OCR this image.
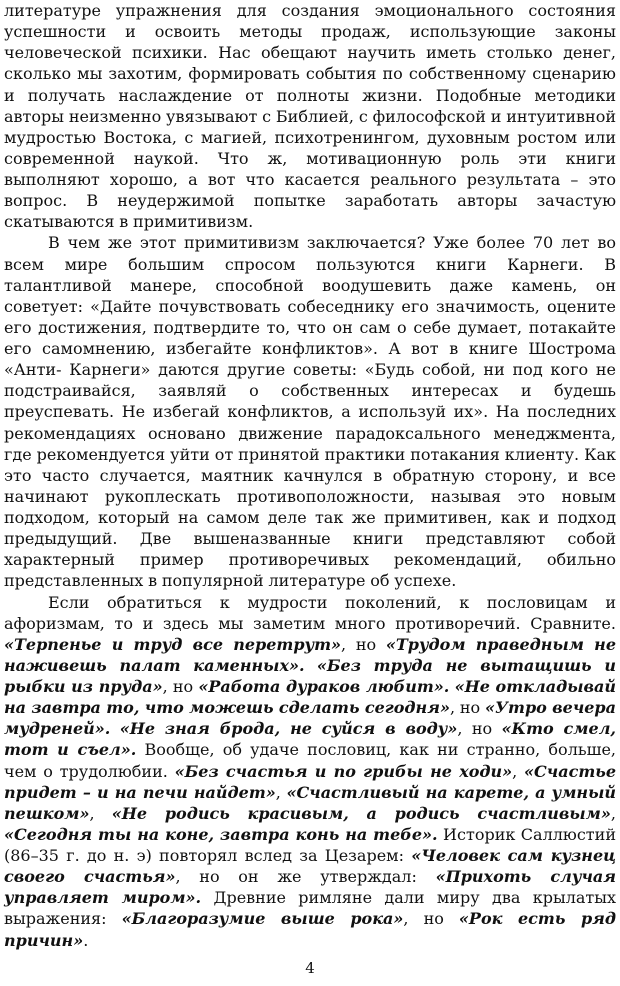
литературе упражнения для создания эмоционального состояния успешности и освоить методы продаж, использующие законы человеческой психики. Нас обещают научить иметь столько денег, сколько мы захотим, формировать события по собственному сценарию и получать наслаждение от полноты жизни. Подобные методики авторы неизменно увязывают с Библией, с философской и интуитивной мудростью Востока, с магией, психотренингом, духовным ростом или современной наукой. Что ж, мотивационную роль эти книги выполняют хорошо, а вот что касается реального результата – это вопрос. В неудержимой попытке заработать авторы зачастую скатываются в примитивизм.

В чем же этот примитивизм заключается? Уже более 70 лет во всем мире большим спросом пользуются книги Карнеги. В талантливой манере, способной воодушевить даже камень, он советует: «Дайте почувствовать собеседнику его значимость, оцените его достижения, подтвердите то, что он сам о себе думает, потакайте его самомнению, избегайте конфликтов». А вот в книге Шострома «Анти- Карнеги» даются другие советы: «Будь собой, ни под кого не подстраивайся, заявляй о собственных интересах и будешь преуспевать. Не избегай конфликтов, а используй их». На последних рекомендациях основано движение парадоксального менеджмента, где рекомендуется уйти от принятой практики потакания клиенту. Как это часто случается, маятник качнулся в обратную сторону, и все начинают рукоплескать противоположности, называя это новым подходом, который на самом деле так же примитивен, как и подход предыдущий. Две вышеназванные книги представляют собой характерный пример противоречивых рекомендаций, обильно представленных в популярной литературе об успехе.

Если обратиться к мудрости поколений, к пословицам и афоризмам, то и здесь мы заметим много противоречий. Сравните. «Терпенье и труд все перетрут», но «Трудом праведным не наживешь палат каменных». «Без труда не вытащишь и рыбки из пруда», но «Работа дураков любит». «Не откладывай на завтра то, что можешь сделать сегодня», но «Утро вечера мудреней». «Не зная брода, не суйся в воду», но «Кто смел, тот и съел». Вообще, об удаче пословиц, как ни странно, больше, чем о трудолюбии. «Без счастья и по грибы не ходи», «Счастье придет – и на печи найдет», «Счастливый на карете, а умный пешком», «Не родись красивым, а родись счастливым», «Сегодня ты на коне, завтра конь на тебе». Историк Саллюстий (86–35 г. до н. э) повторял вслед за Цезарем: «Человек сам кузнец своего счастья», но он же утверждал: «Прихоть случая управляет миром». Древние римляне дали миру два крылатых выражения: «Благоразумие выше рока», но «Рок есть ряд причин».

4
